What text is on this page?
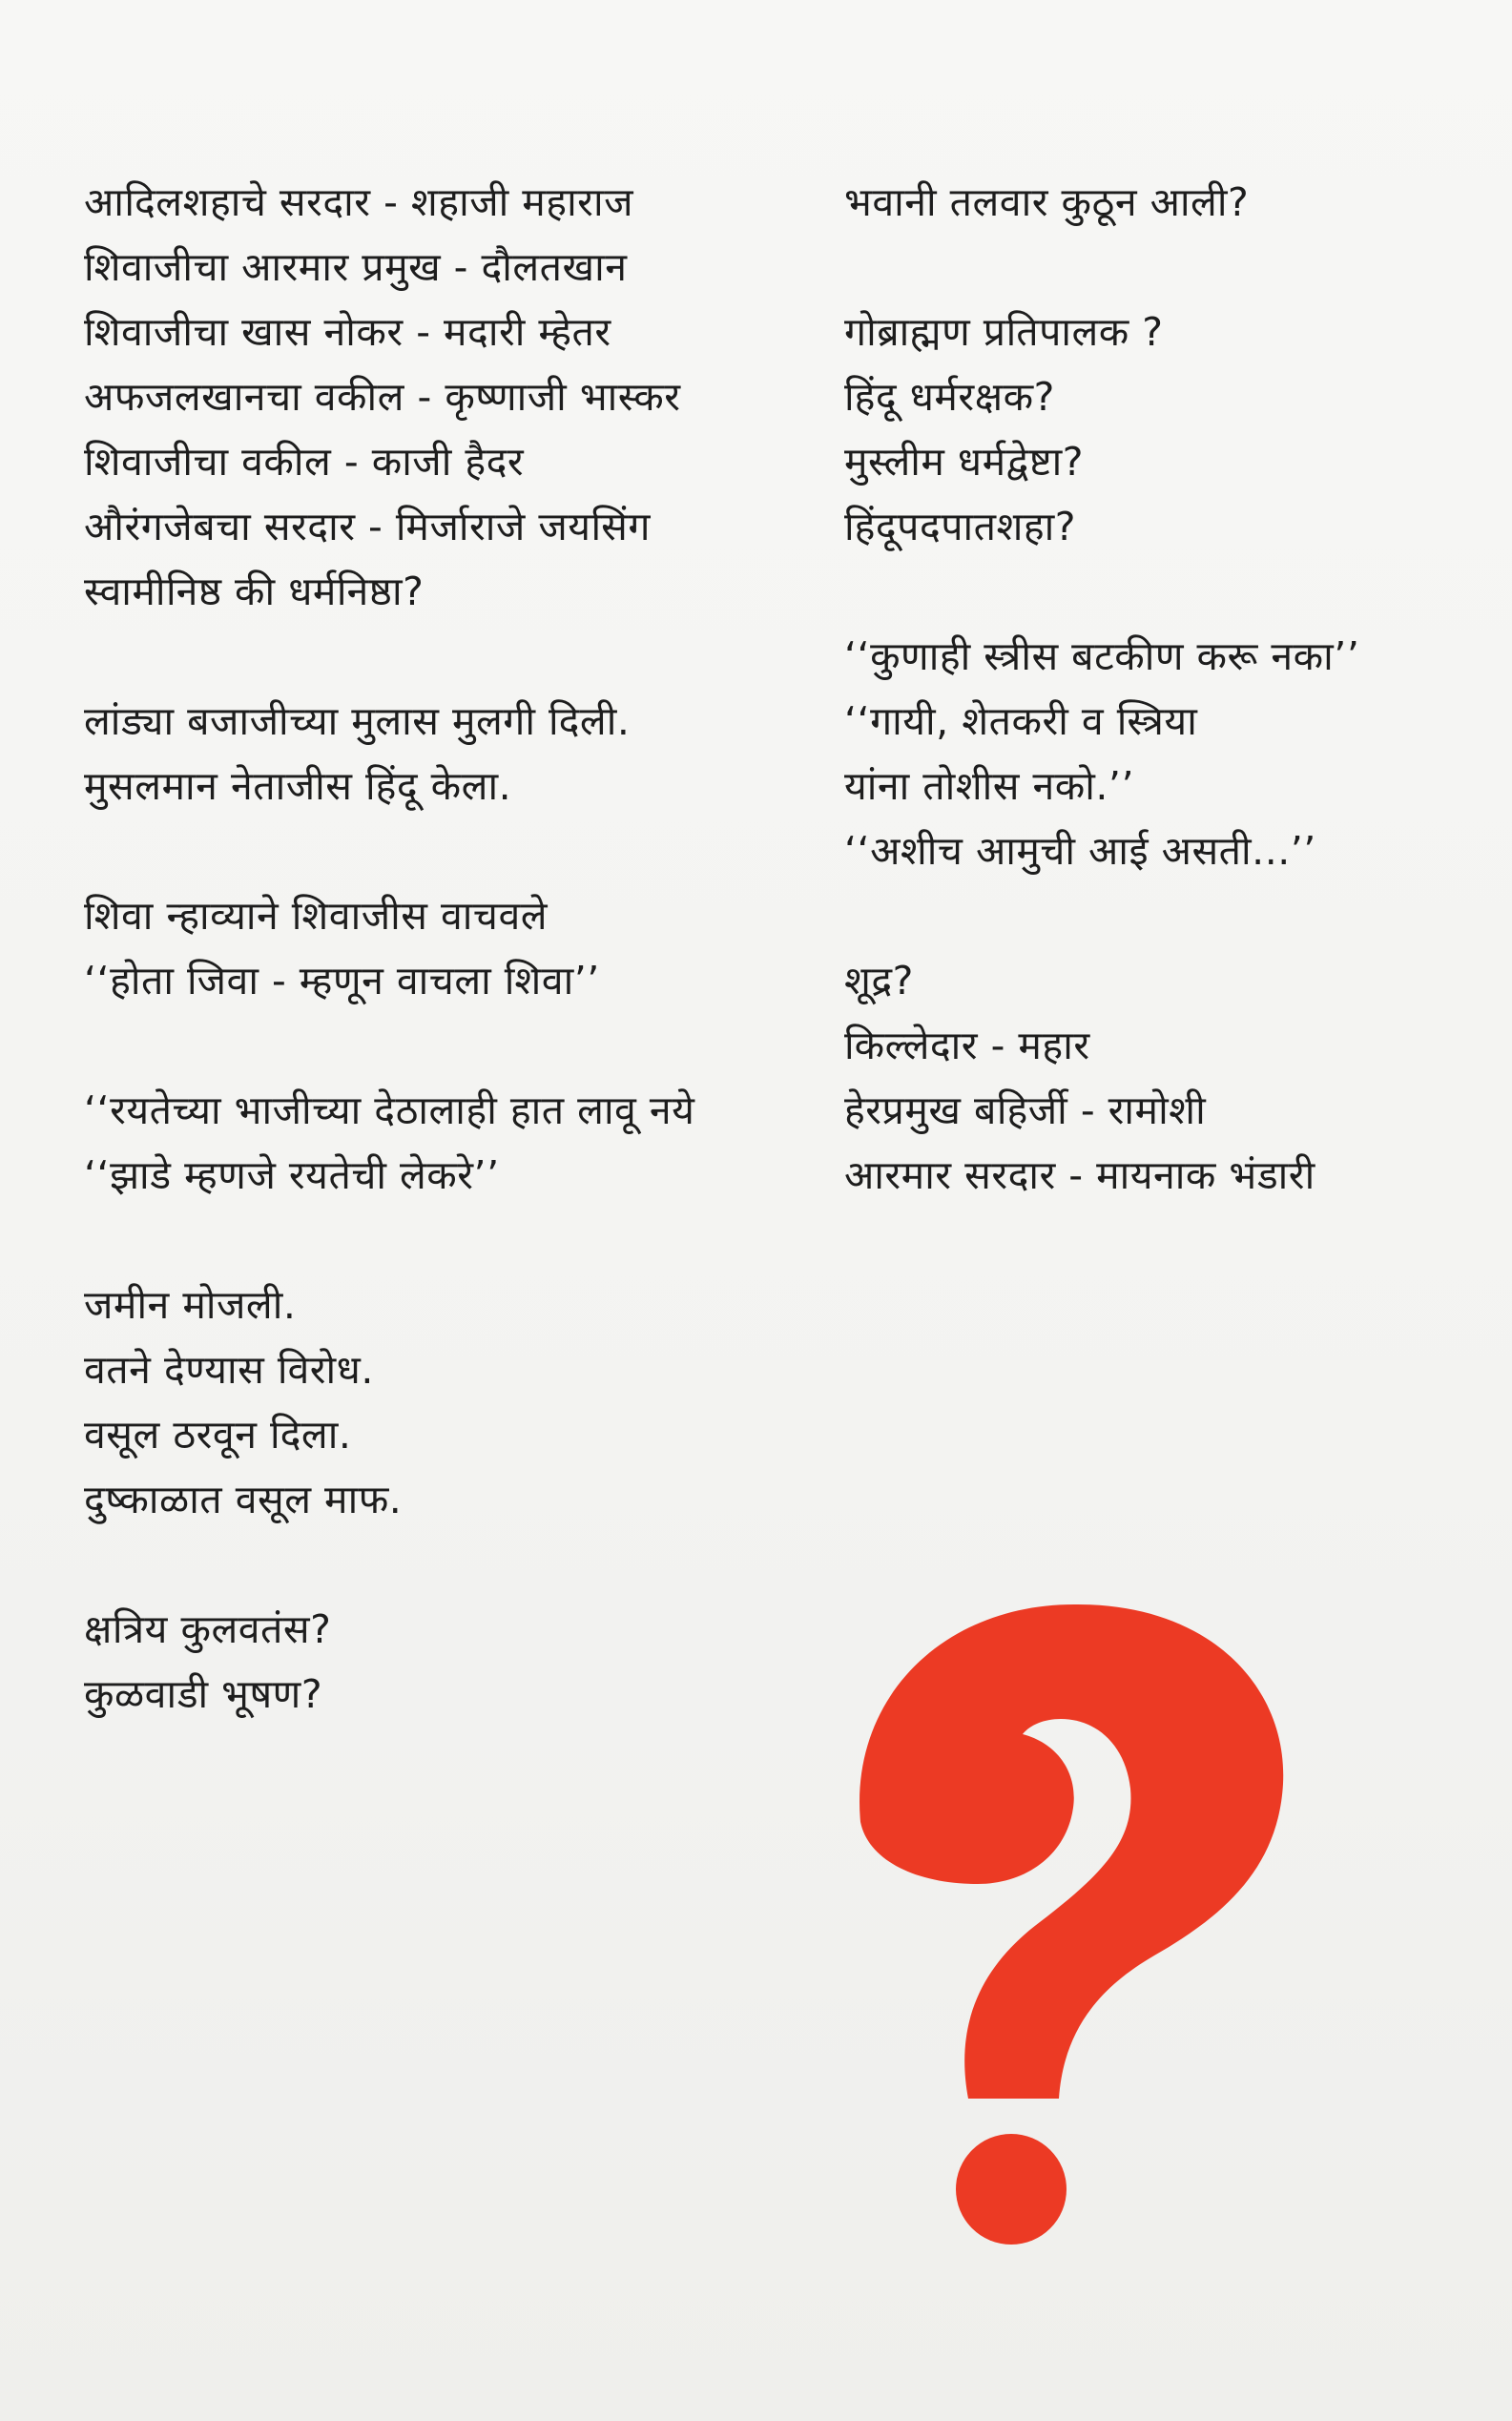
आदिलशहाचे सरदार - शहाजी महाराज
शिवाजीचा आरमार प्रमुख - दौलतखान
शिवाजीचा खास नोकर - मदारी म्हेतर
अफजलखानचा वकील - कृष्णाजी भास्कर
शिवाजीचा वकील - काजी हैदर
औरंगजेबचा सरदार - मिर्जाराजे जयसिंग
स्वामीनिष्ठ की धर्मनिष्ठा?
लांड्या बजाजीच्या मुलास मुलगी दिली.
मुसलमान नेताजीस हिंदू केला.
शिवा न्हाव्याने शिवाजीस वाचवले
‘‘होता जिवा - म्हणून वाचला शिवा’’
‘‘रयतेच्या भाजीच्या देठालाही हात लावू नये
‘‘झाडे म्हणजे रयतेची लेकरे’’
जमीन मोजली.
वतने देण्यास विरोध.
वसूल ठरवून दिला.
दुष्काळात वसूल माफ.
क्षत्रिय कुलवतंस?
कुळवाडी भूषण?
भवानी तलवार कुठून आली?
गोब्राह्मण प्रतिपालक ?
हिंदू धर्मरक्षक?
मुस्लीम धर्मद्वेष्टा?
हिंदूपदपातशहा?
‘‘कुणाही स्त्रीस बटकीण करू नका’’
‘‘गायी, शेतकरी व स्त्रिया
यांना तोशीस नको.’’
‘‘अशीच आमुची आई असती...’’
शूद्र?
किल्लेदार - महार
हेरप्रमुख बहिर्जी - रामोशी
आरमार सरदार - मायनाक भंडारी
